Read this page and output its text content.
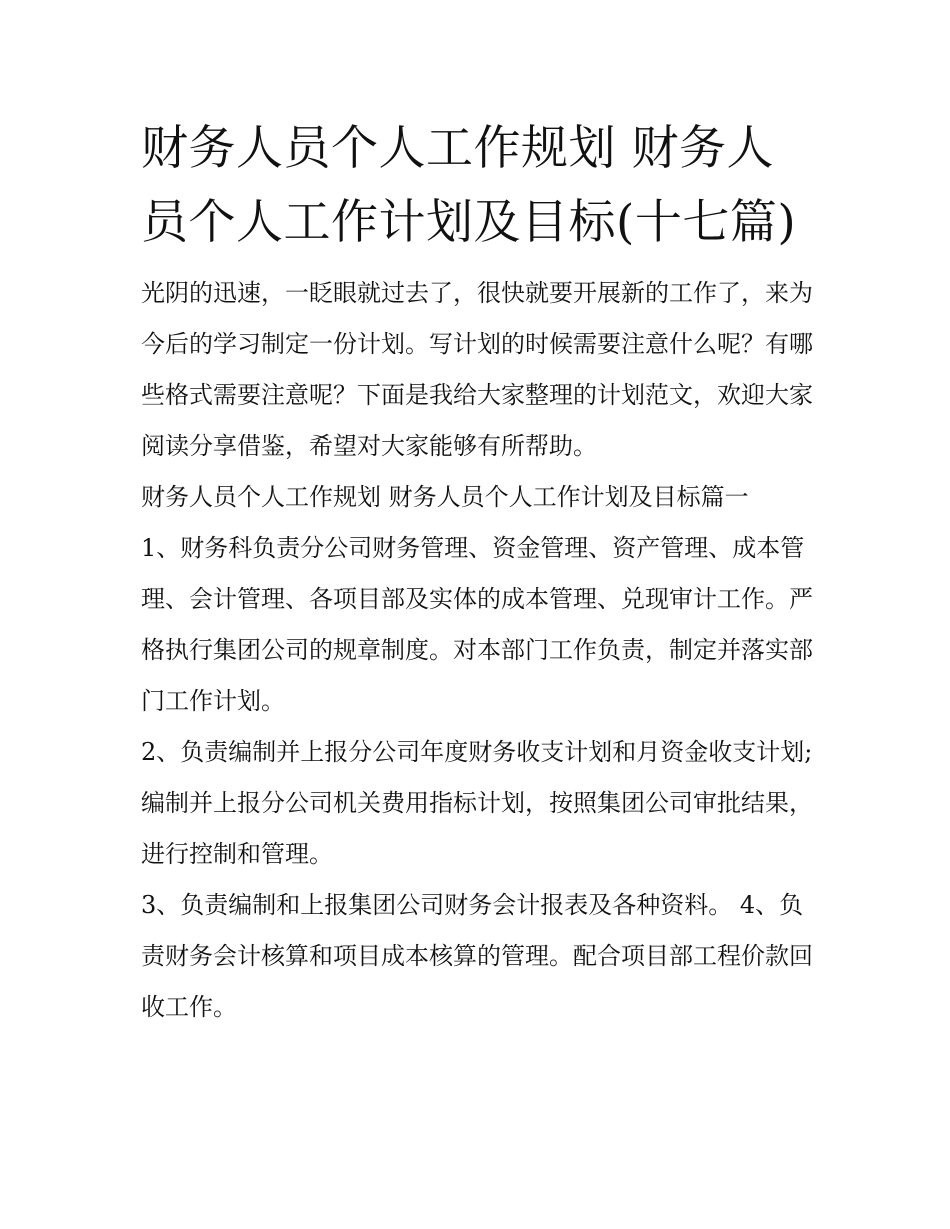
财务人员个人工作规划 财务人员个人工作计划及目标(十七篇)

光阴的迅速，一眨眼就过去了，很快就要开展新的工作了，来为今后的学习制定一份计划。写计划的时候需要注意什么呢？有哪些格式需要注意呢？下面是我给大家整理的计划范文，欢迎大家阅读分享借鉴，希望对大家能够有所帮助。

财务人员个人工作规划 财务人员个人工作计划及目标篇一

1、财务科负责分公司财务管理、资金管理、资产管理、成本管理、会计管理、各项目部及实体的成本管理、兑现审计工作。严格执行集团公司的规章制度。对本部门工作负责，制定并落实部门工作计划。

2、负责编制并上报分公司年度财务收支计划和月资金收支计划;编制并上报分公司机关费用指标计划，按照集团公司审批结果，进行控制和管理。

3、负责编制和上报集团公司财务会计报表及各种资料。 4、负责财务会计核算和项目成本核算的管理。配合项目部工程价款回收工作。
